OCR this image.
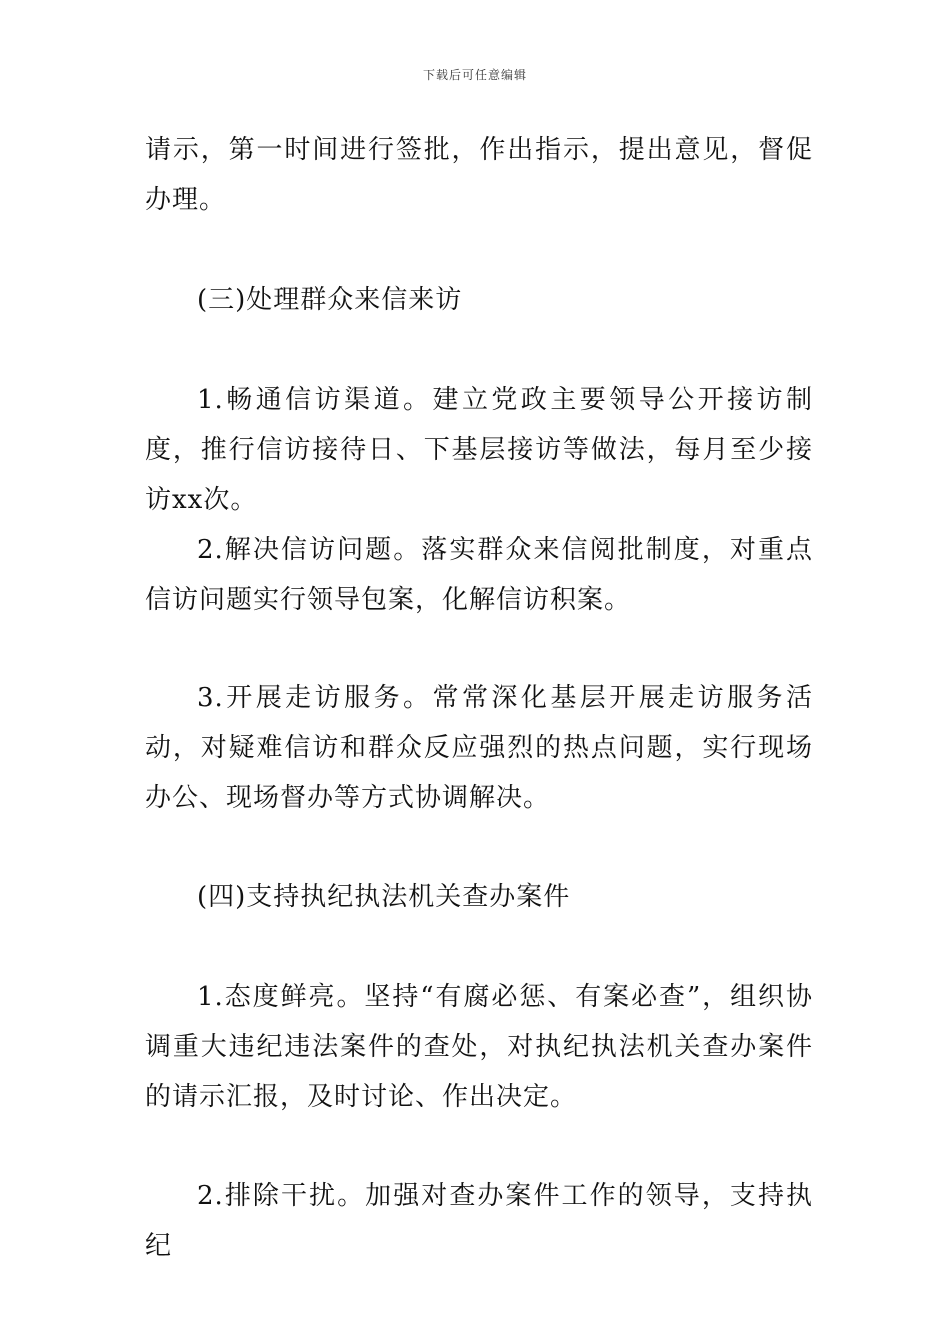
下载后可任意编辑

请示，第一时间进行签批，作出指示，提出意见，督促办理。

(三)处理群众来信来访

1.畅通信访渠道。建立党政主要领导公开接访制度，推行信访接待日、下基层接访等做法，每月至少接访xx次。

2.解决信访问题。落实群众来信阅批制度，对重点信访问题实行领导包案，化解信访积案。

3.开展走访服务。常常深化基层开展走访服务活动，对疑难信访和群众反应强烈的热点问题，实行现场办公、现场督办等方式协调解决。

(四)支持执纪执法机关查办案件

1.态度鲜亮。坚持“有腐必惩、有案必查”，组织协调重大违纪违法案件的查处，对执纪执法机关查办案件的请示汇报，及时讨论、作出决定。

2.排除干扰。加强对查办案件工作的领导，支持执纪
